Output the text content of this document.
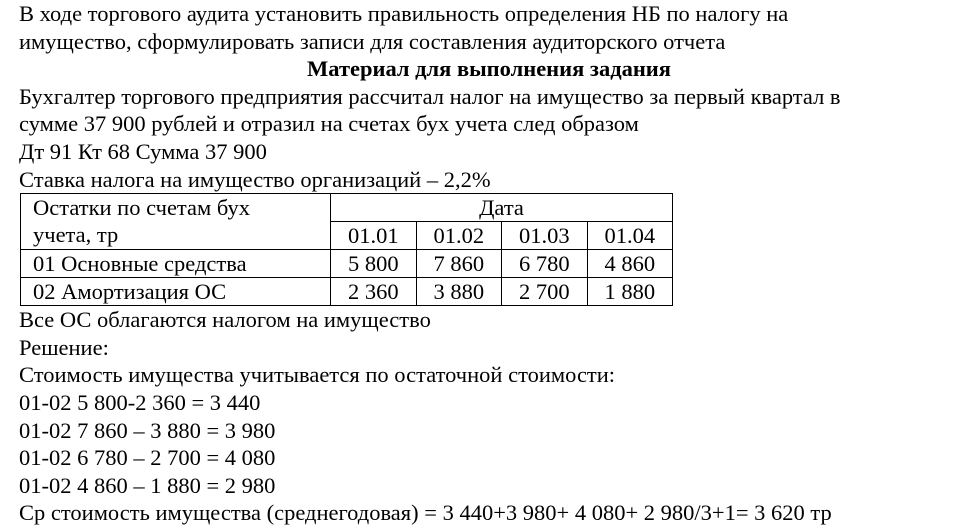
В ходе торгового аудита установить правильность определения НБ по налогу на
имущество, сформулировать записи для составления аудиторского отчета
Материал для выполнения задания
Бухгалтер торгового предприятия рассчитал налог на имущество за первый квартал в
сумме 37 900 рублей и отразил на счетах бух учета след образом
Дт 91 Кт 68 Сумма 37 900
Ставка налога на имущество организаций – 2,2%
Остатки по счетам бух	Дата			
учета, тр	01.01	01.02	01.03	01.04
01 Основные средства	5 800	7 860	6 780	4 860
02 Амортизация ОС	2 360	3 880	2 700	1 880
Все ОС облагаются налогом на имущество
Решение:
Стоимость имущества учитывается по остаточной стоимости:
01-02 5 800-2 360 = 3 440
01-02 7 860 – 3 880 = 3 980
01-02 6 780 – 2 700 = 4 080
01-02 4 860 – 1 880 = 2 980
Ср стоимость имущества (среднегодовая) = 3 440+3 980+ 4 080+ 2 980/3+1= 3 620 тр
